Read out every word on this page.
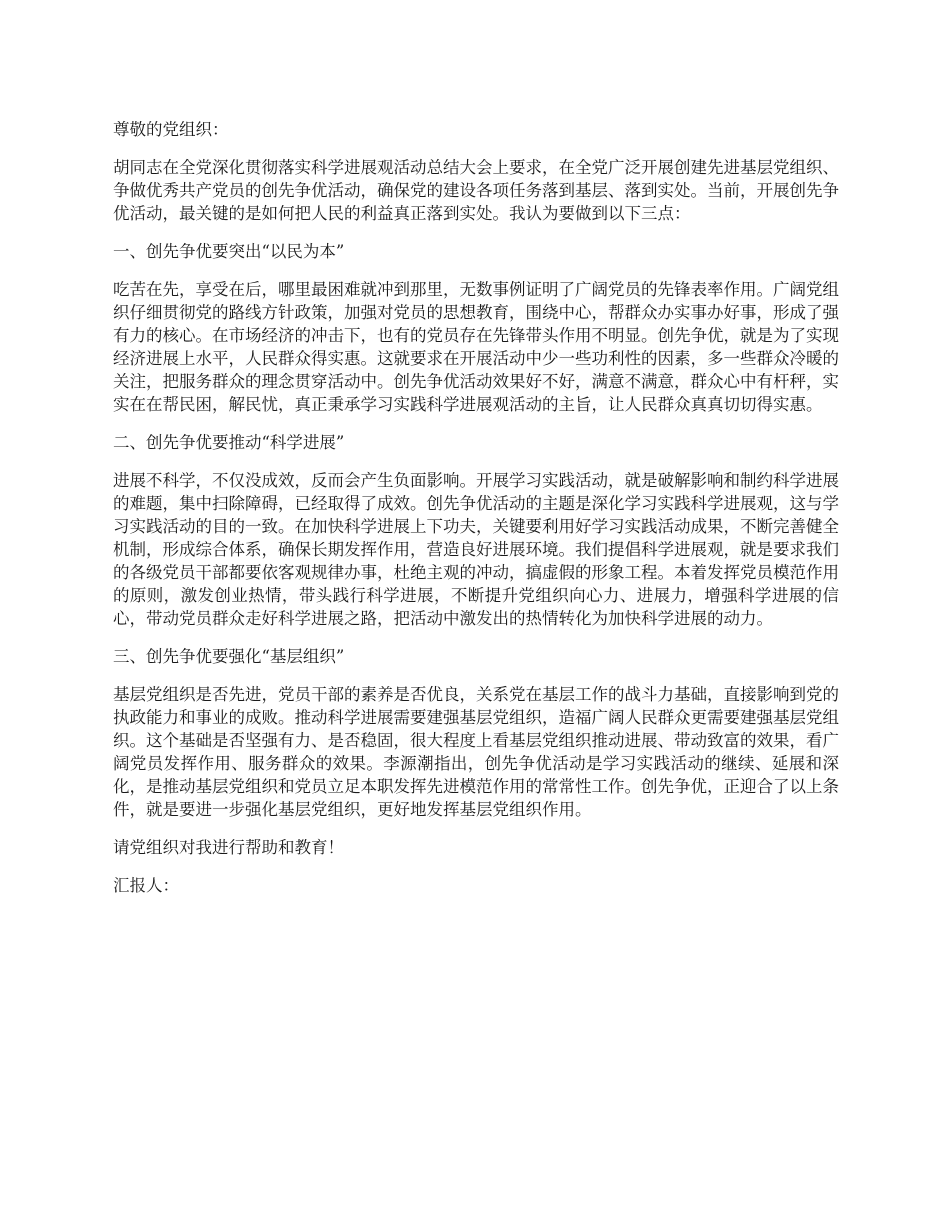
尊敬的党组织：

胡同志在全党深化贯彻落实科学进展观活动总结大会上要求，在全党广泛开展创建先进基层党组织、争做优秀共产党员的创先争优活动，确保党的建设各项任务落到基层、落到实处。当前，开展创先争优活动，最关键的是如何把人民的利益真正落到实处。我认为要做到以下三点：

一、创先争优要突出“以民为本”

吃苦在先，享受在后，哪里最困难就冲到那里，无数事例证明了广阔党员的先锋表率作用。广阔党组织仔细贯彻党的路线方针政策，加强对党员的思想教育，围绕中心，帮群众办实事办好事，形成了强有力的核心。在市场经济的冲击下，也有的党员存在先锋带头作用不明显。创先争优，就是为了实现经济进展上水平，人民群众得实惠。这就要求在开展活动中少一些功利性的因素，多一些群众冷暖的关注，把服务群众的理念贯穿活动中。创先争优活动效果好不好，满意不满意，群众心中有杆秤，实实在在帮民困，解民忧，真正秉承学习实践科学进展观活动的主旨，让人民群众真真切切得实惠。

二、创先争优要推动“科学进展”

进展不科学，不仅没成效，反而会产生负面影响。开展学习实践活动，就是破解影响和制约科学进展的难题，集中扫除障碍，已经取得了成效。创先争优活动的主题是深化学习实践科学进展观，这与学习实践活动的目的一致。在加快科学进展上下功夫，关键要利用好学习实践活动成果，不断完善健全机制，形成综合体系，确保长期发挥作用，营造良好进展环境。我们提倡科学进展观，就是要求我们的各级党员干部都要依客观规律办事，杜绝主观的冲动，搞虚假的形象工程。本着发挥党员模范作用的原则，激发创业热情，带头践行科学进展，不断提升党组织向心力、进展力，增强科学进展的信心，带动党员群众走好科学进展之路，把活动中激发出的热情转化为加快科学进展的动力。

三、创先争优要强化“基层组织”

基层党组织是否先进，党员干部的素养是否优良，关系党在基层工作的战斗力基础，直接影响到党的执政能力和事业的成败。推动科学进展需要建强基层党组织，造福广阔人民群众更需要建强基层党组织。这个基础是否坚强有力、是否稳固，很大程度上看基层党组织推动进展、带动致富的效果，看广阔党员发挥作用、服务群众的效果。李源潮指出，创先争优活动是学习实践活动的继续、延展和深化，是推动基层党组织和党员立足本职发挥先进模范作用的常常性工作。创先争优，正迎合了以上条件，就是要进一步强化基层党组织，更好地发挥基层党组织作用。

请党组织对我进行帮助和教育！

汇报人：
